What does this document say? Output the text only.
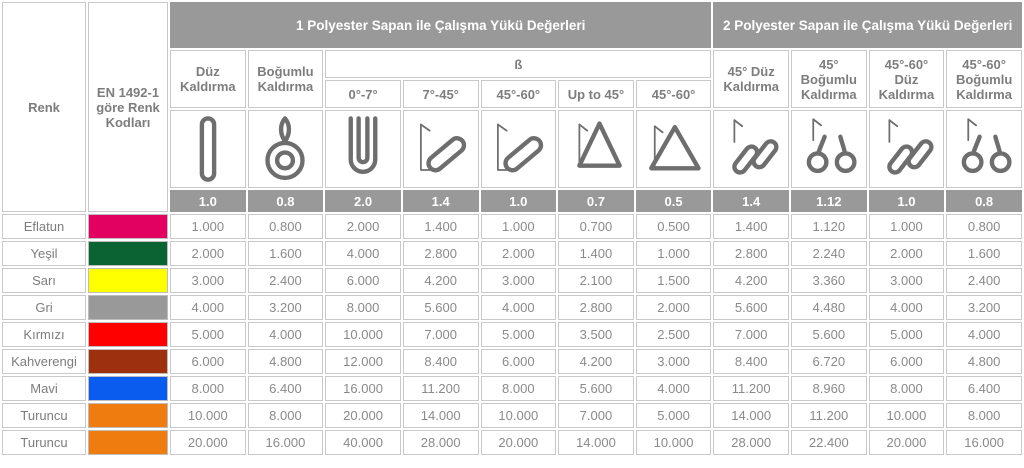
Renk	EN 1492-1 göre Renk Kodları	1 Polyester Sapan ile Çalışma Yükü Değerleri							2 Polyester Sapan ile Çalışma Yükü Değerleri			
		Düz Kaldırma	Boğumlu Kaldırma	ß					45° Düz Kaldırma	45° Boğumlu Kaldırma	45°-60° Düz Kaldırma	45°-60° Boğumlu Kaldırma
				0°-7°	7°-45°	45°-60°	Up to 45°	45°-60°				

		1.0	0.8	2.0	1.4	1.0	0.7	0.5	1.4	1.12	1.0	0.8
Eflatun		1.000	0.800	2.000	1.400	1.000	0.700	0.500	1.400	1.120	1.000	0.800
Yeşil		2.000	1.600	4.000	2.800	2.000	1.400	1.000	2.800	2.240	2.000	1.600
Sarı		3.000	2.400	6.000	4.200	3.000	2.100	1.500	4.200	3.360	3.000	2.400
Gri		4.000	3.200	8.000	5.600	4.000	2.800	2.000	5.600	4.480	4.000	3.200
Kırmızı		5.000	4.000	10.000	7.000	5.000	3.500	2.500	7.000	5.600	5.000	4.000
Kahverengi		6.000	4.800	12.000	8.400	6.000	4.200	3.000	8.400	6.720	6.000	4.800
Mavi		8.000	6.400	16.000	11.200	8.000	5.600	4.000	11.200	8.960	8.000	6.400
Turuncu		10.000	8.000	20.000	14.000	10.000	7.000	5.000	14.000	11.200	10.000	8.000
Turuncu		20.000	16.000	40.000	28.000	20.000	14.000	10.000	28.000	22.400	20.000	16.000
